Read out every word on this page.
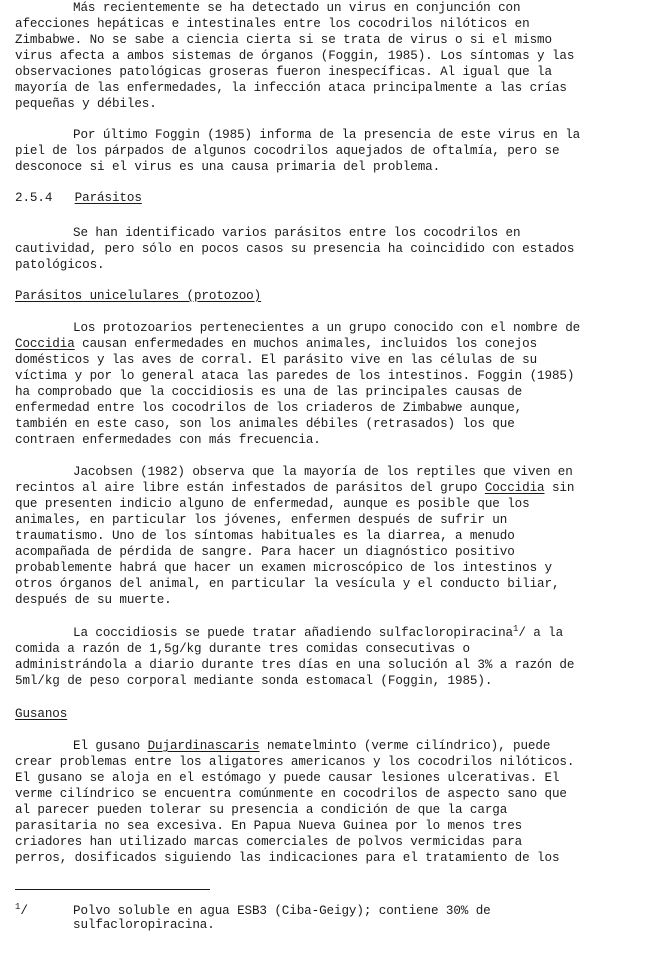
Más recientemente se ha detectado un virus en conjunción con
afecciones hepáticas e intestinales entre los cocodrilos nilóticos en
Zimbabwe. No se sabe a ciencia cierta si se trata de virus o si el mismo
virus afecta a ambos sistemas de órganos (Foggin, 1985). Los síntomas y las
observaciones patológicas groseras fueron inespecíficas. Al igual que la
mayoría de las enfermedades, la infección ataca principalmente a las crías
pequeñas y débiles.
Por último Foggin (1985) informa de la presencia de este virus en la
piel de los párpados de algunos cocodrilos aquejados de oftalmía, pero se
desconoce si el virus es una causa primaria del problema.
2.5.4 Parásitos
Se han identificado varios parásitos entre los cocodrilos en
cautividad, pero sólo en pocos casos su presencia ha coincidido con estados
patológicos.
Parásitos unicelulares (protozoo)
Los protozoarios pertenecientes a un grupo conocido con el nombre de
Coccidia causan enfermedades en muchos animales, incluidos los conejos
domésticos y las aves de corral. El parásito vive en las células de su
víctima y por lo general ataca las paredes de los intestinos. Foggin (1985)
ha comprobado que la coccidiosis es una de las principales causas de
enfermedad entre los cocodrilos de los criaderos de Zimbabwe aunque,
también en este caso, son los animales débiles (retrasados) los que
contraen enfermedades con más frecuencia.
Jacobsen (1982) observa que la mayoría de los reptiles que viven en
recintos al aire libre están infestados de parásitos del grupo Coccidia sin
que presenten indicio alguno de enfermedad, aunque es posible que los
animales, en particular los jóvenes, enfermen después de sufrir un
traumatismo. Uno de los síntomas habituales es la diarrea, a menudo
acompañada de pérdida de sangre. Para hacer un diagnóstico positivo
probablemente habrá que hacer un examen microscópico de los intestinos y
otros órganos del animal, en particular la vesícula y el conducto biliar,
después de su muerte.
La coccidiosis se puede tratar añadiendo sulfacloropiracina$^1$/ a la
comida a razón de 1,5g/kg durante tres comidas consecutivas o
administrándola a diario durante tres días en una solución al 3% a razón de
5ml/kg de peso corporal mediante sonda estomacal (Foggin, 1985).
Gusanos
El gusano Dujardinascaris nematelminto (verme cilíndrico), puede
crear problemas entre los aligatores americanos y los cocodrilos nilóticos.
El gusano se aloja en el estómago y puede causar lesiones ulcerativas. El
verme cilíndrico se encuentra comúnmente en cocodrilos de aspecto sano que
al parecer pueden tolerar su presencia a condición de que la carga
parasitaria no sea excesiva. En Papua Nueva Guinea por lo menos tres
criadores han utilizado marcas comerciales de polvos vermicidas para
perros, dosificados siguiendo las indicaciones para el tratamiento de los
$^1$/	Polvo soluble en agua ESB3 (Ciba-Geigy); contiene 30% de
sulfacloropiracina.
